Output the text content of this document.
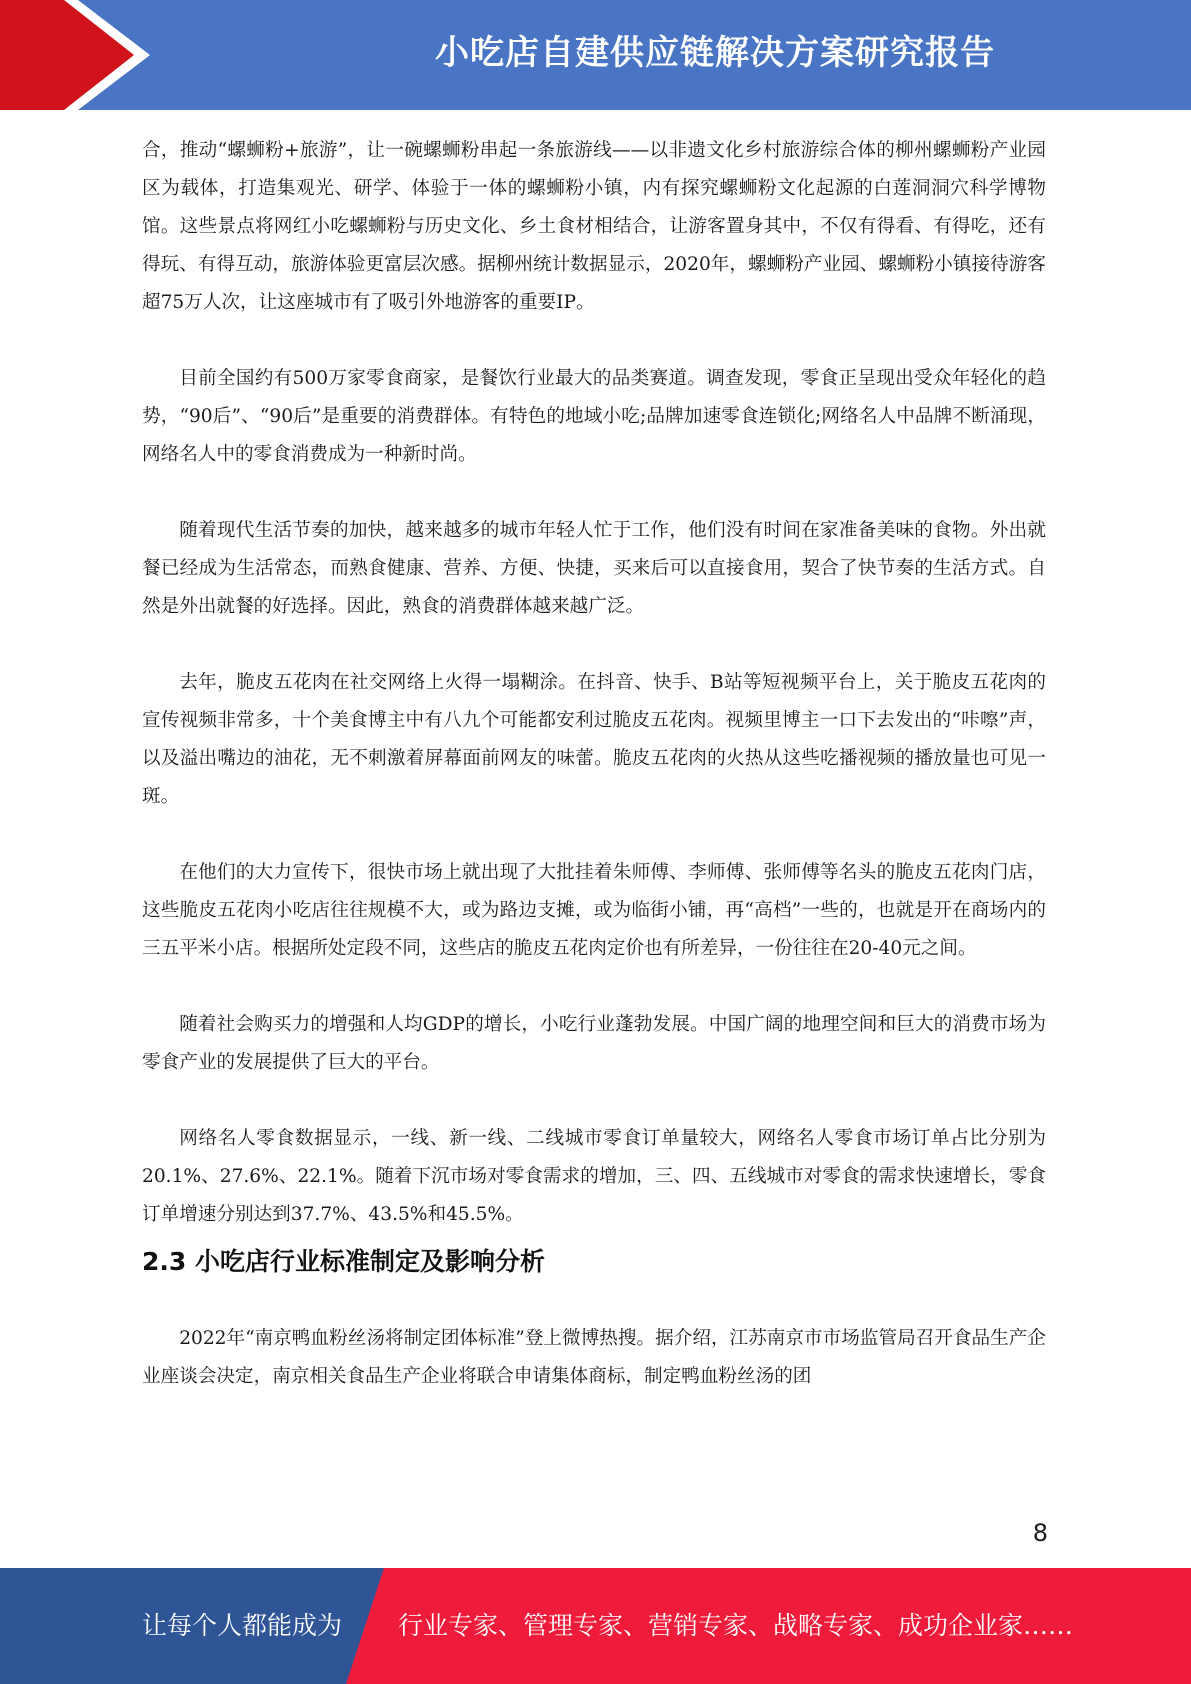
小吃店自建供应链解决方案研究报告

合，推动“螺蛳粉+旅游”，让一碗螺蛳粉串起一条旅游线——以非遗文化乡村旅游综合体的柳州螺蛳粉产业园区为载体，打造集观光、研学、体验于一体的螺蛳粉小镇，内有探究螺蛳粉文化起源的白莲洞洞穴科学博物馆。这些景点将网红小吃螺蛳粉与历史文化、乡土食材相结合，让游客置身其中，不仅有得看、有得吃，还有得玩、有得互动，旅游体验更富层次感。据柳州统计数据显示，2020年，螺蛳粉产业园、螺蛳粉小镇接待游客超75万人次，让这座城市有了吸引外地游客的重要IP。

目前全国约有500万家零食商家，是餐饮行业最大的品类赛道。调查发现，零食正呈现出受众年轻化的趋势，“90后”、“90后”是重要的消费群体。有特色的地域小吃;品牌加速零食连锁化;网络名人中品牌不断涌现，网络名人中的零食消费成为一种新时尚。

随着现代生活节奏的加快，越来越多的城市年轻人忙于工作，他们没有时间在家准备美味的食物。外出就餐已经成为生活常态，而熟食健康、营养、方便、快捷，买来后可以直接食用，契合了快节奏的生活方式。自然是外出就餐的好选择。因此，熟食的消费群体越来越广泛。

去年，脆皮五花肉在社交网络上火得一塌糊涂。在抖音、快手、B站等短视频平台上，关于脆皮五花肉的宣传视频非常多，十个美食博主中有八九个可能都安利过脆皮五花肉。视频里博主一口下去发出的“咔嚓”声，以及溢出嘴边的油花，无不刺激着屏幕面前网友的味蕾。脆皮五花肉的火热从这些吃播视频的播放量也可见一斑。

在他们的大力宣传下，很快市场上就出现了大批挂着朱师傅、李师傅、张师傅等名头的脆皮五花肉门店，这些脆皮五花肉小吃店往往规模不大，或为路边支摊，或为临街小铺，再“高档”一些的，也就是开在商场内的三五平米小店。根据所处定段不同，这些店的脆皮五花肉定价也有所差异，一份往往在20-40元之间。

随着社会购买力的增强和人均GDP的增长，小吃行业蓬勃发展。中国广阔的地理空间和巨大的消费市场为零食产业的发展提供了巨大的平台。

网络名人零食数据显示，一线、新一线、二线城市零食订单量较大，网络名人零食市场订单占比分别为20.1%、27.6%、22.1%。随着下沉市场对零食需求的增加，三、四、五线城市对零食的需求快速增长，零食订单增速分别达到37.7%、43.5%和45.5%。

2.3 小吃店行业标准制定及影响分析

2022年“南京鸭血粉丝汤将制定团体标准”登上微博热搜。据介绍，江苏南京市市场监管局召开食品生产企业座谈会决定，南京相关食品生产企业将联合申请集体商标，制定鸭血粉丝汤的团

8
让每个人都能成为 行业专家、管理专家、营销专家、战略专家、成功企业家……
